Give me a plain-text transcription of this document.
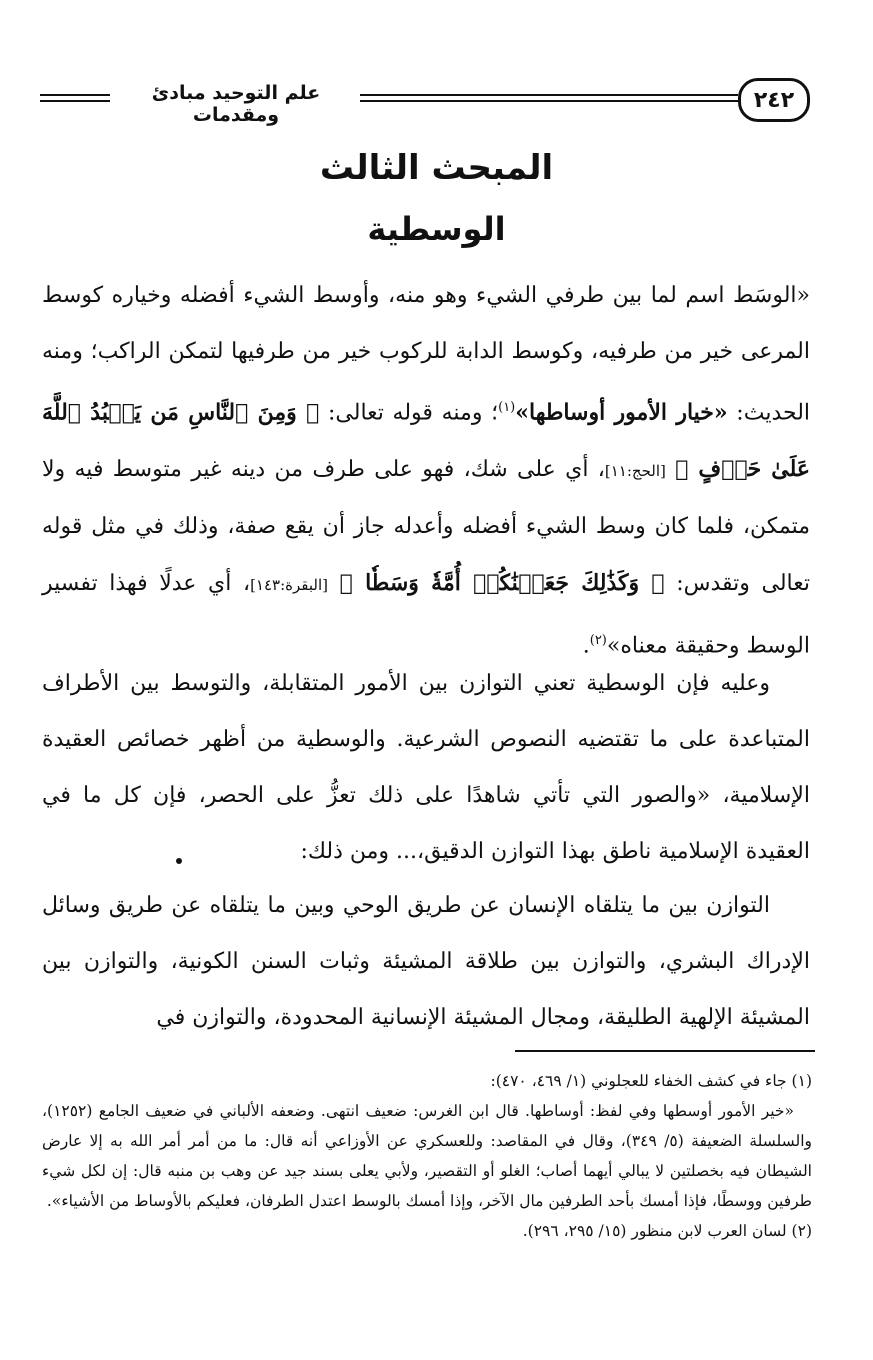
٢٤٢
علم التوحيد مبادئ ومقدمات
المبحث الثالث
الوسطية
«الوسَط اسم لما بين طرفي الشيء وهو منه، وأوسط الشيء أفضله وخياره كوسط المرعى خير من طرفيه، وكوسط الدابة للركوب خير من طرفيها لتمكن الراكب؛ ومنه الحديث: «خيار الأمور أوساطها»$^{(١)}$؛ ومنه قوله تعالى: ﴿ وَمِنَ ٱلنَّاسِ مَن يَعۡبُدُ ٱللَّهَ عَلَىٰ حَرۡفٍ ﴾ [الحج:١١]، أي على شك، فهو على طرف من دينه غير متوسط فيه ولا متمكن، فلما كان وسط الشيء أفضله وأعدله جاز أن يقع صفة، وذلك في مثل قوله تعالى وتقدس: ﴿ وَكَذَٰلِكَ جَعَلۡنَٰكُمۡ أُمَّةٗ وَسَطٗا ﴾ [البقرة:١٤٣]، أي عدلًا فهذا تفسير الوسط وحقيقة معناه»$^{(٢)}$.
وعليه فإن الوسطية تعني التوازن بين الأمور المتقابلة، والتوسط بين الأطراف المتباعدة على ما تقتضيه النصوص الشرعية. والوسطية من أظهر خصائص العقيدة الإسلامية، «والصور التي تأتي شاهدًا على ذلك تعزُّ على الحصر، فإن كل ما في العقيدة الإسلامية ناطق بهذا التوازن الدقيق،... ومن ذلك:
التوازن بين ما يتلقاه الإنسان عن طريق الوحي وبين ما يتلقاه عن طريق وسائل الإدراك البشري، والتوازن بين طلاقة المشيئة وثبات السنن الكونية، والتوازن بين المشيئة الإلهية الطليقة، ومجال المشيئة الإنسانية المحدودة، والتوازن في

(١) جاء في كشف الخفاء للعجلوني (١/ ٤٦٩، ٤٧٠):

«خير الأمور أوسطها وفي لفظ: أوساطها. قال ابن الغرس: ضعيف انتهى. وضعفه الألباني في ضعيف الجامع (١٢٥٢)، والسلسلة الضعيفة (٥/ ٣٤٩)، وقال في المقاصد: وللعسكري عن الأوزاعي أنه قال: ما من أمر أمر الله به إلا عارض الشيطان فيه بخصلتين لا يبالي أيهما أصاب؛ الغلو أو التقصير، ولأبي يعلى بسند جيد عن وهب بن منبه قال: إن لكل شيء طرفين ووسطًا، فإذا أمسك بأحد الطرفين مال الآخر، وإذا أمسك بالوسط اعتدل الطرفان، فعليكم بالأوساط من الأشياء».

(٢) لسان العرب لابن منظور (١٥/ ٢٩٥، ٢٩٦).
